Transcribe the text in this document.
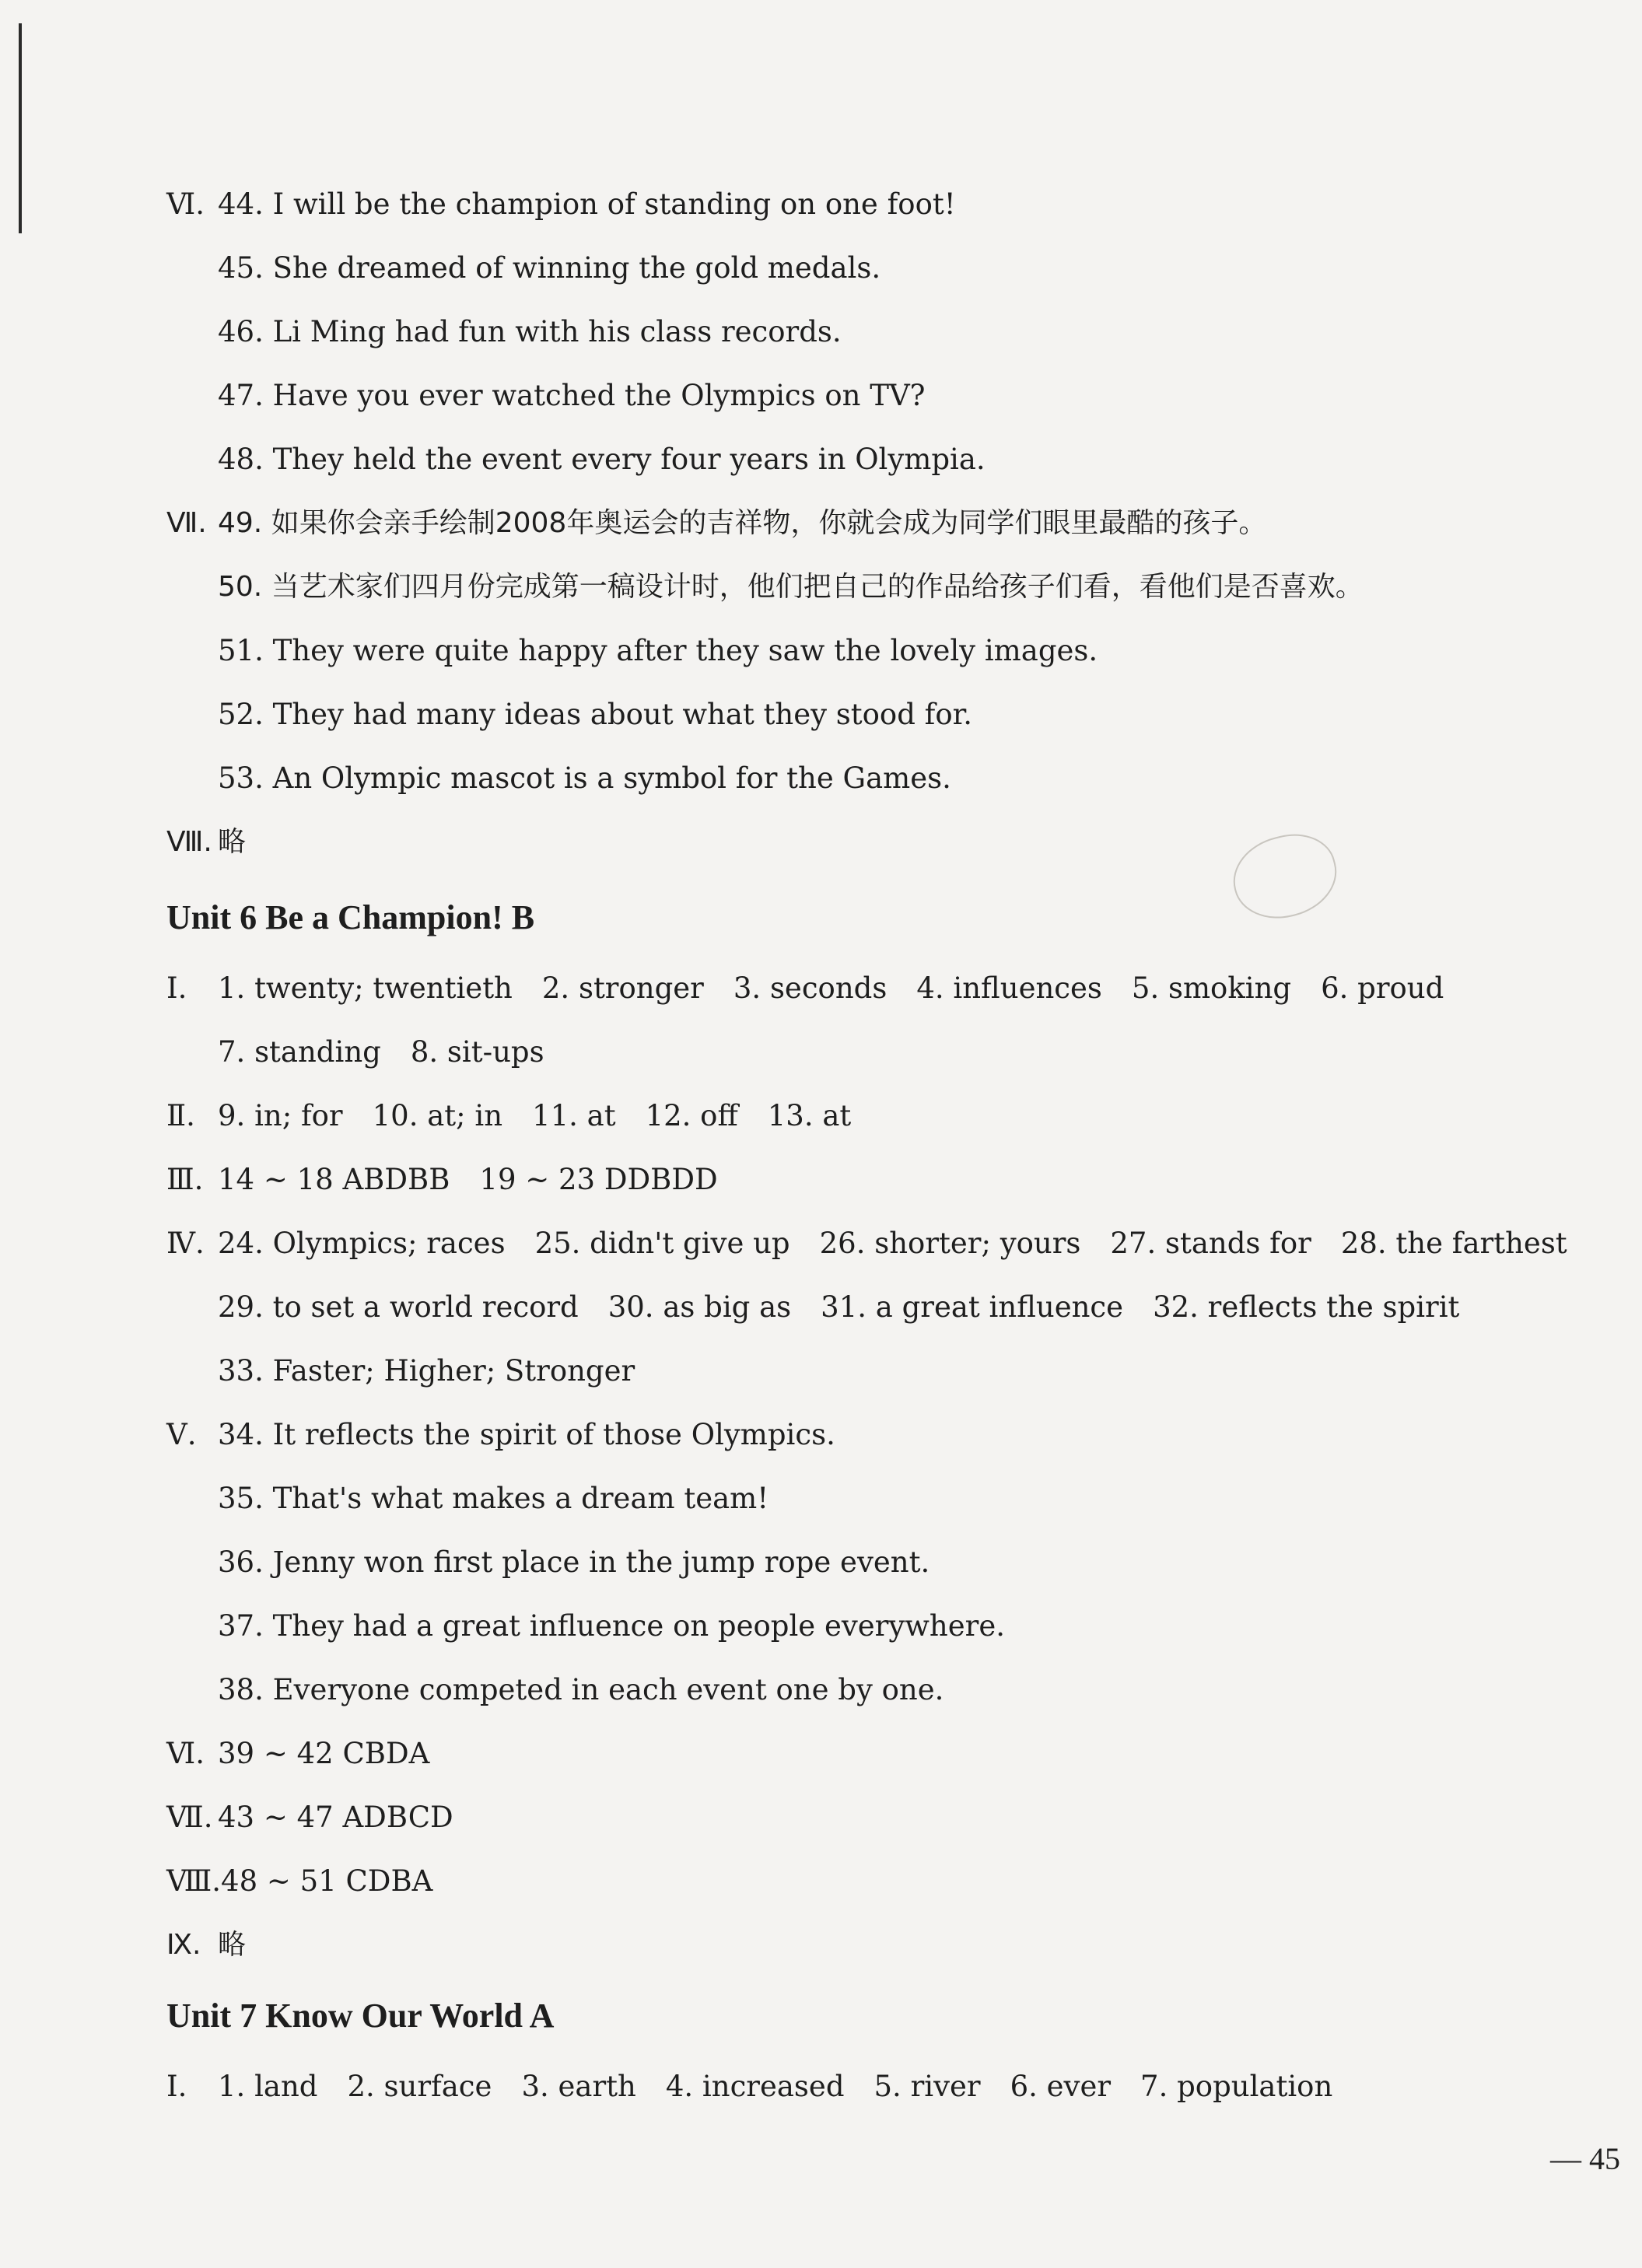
Ⅵ. 44. I will be the champion of standing on one foot!
45. She dreamed of winning the gold medals.
46. Li Ming had fun with his class records.
47. Have you ever watched the Olympics on TV?
48. They held the event every four years in Olympia.
Ⅶ. 49. 如果你会亲手绘制2008年奥运会的吉祥物，你就会成为同学们眼里最酷的孩子。
50. 当艺术家们四月份完成第一稿设计时，他们把自己的作品给孩子们看，看他们是否喜欢。
51. They were quite happy after they saw the lovely images.
52. They had many ideas about what they stood for.
53. An Olympic mascot is a symbol for the Games.
Ⅷ. 略
Unit 6 Be a Champion! B
Ⅰ. 1. twenty; twentieth 2. stronger 3. seconds 4. influences 5. smoking 6. proud
7. standing 8. sit-ups
Ⅱ. 9. in; for 10. at; in 11. at 12. off 13. at
Ⅲ. 14 ~ 18 ABDBB 19 ~ 23 DDBDD
Ⅳ. 24. Olympics; races 25. didn't give up 26. shorter; yours 27. stands for 28. the farthest
29. to set a world record 30. as big as 31. a great influence 32. reflects the spirit
33. Faster; Higher; Stronger
Ⅴ. 34. It reflects the spirit of those Olympics.
35. That's what makes a dream team!
36. Jenny won first place in the jump rope event.
37. They had a great influence on people everywhere.
38. Everyone competed in each event one by one.
Ⅵ. 39 ~ 42 CBDA
Ⅶ. 43 ~ 47 ADBCD
Ⅷ.48 ~ 51 CDBA
Ⅸ. 略
Unit 7 Know Our World A
Ⅰ. 1. land 2. surface 3. earth 4. increased 5. river 6. ever 7. population
— 45
